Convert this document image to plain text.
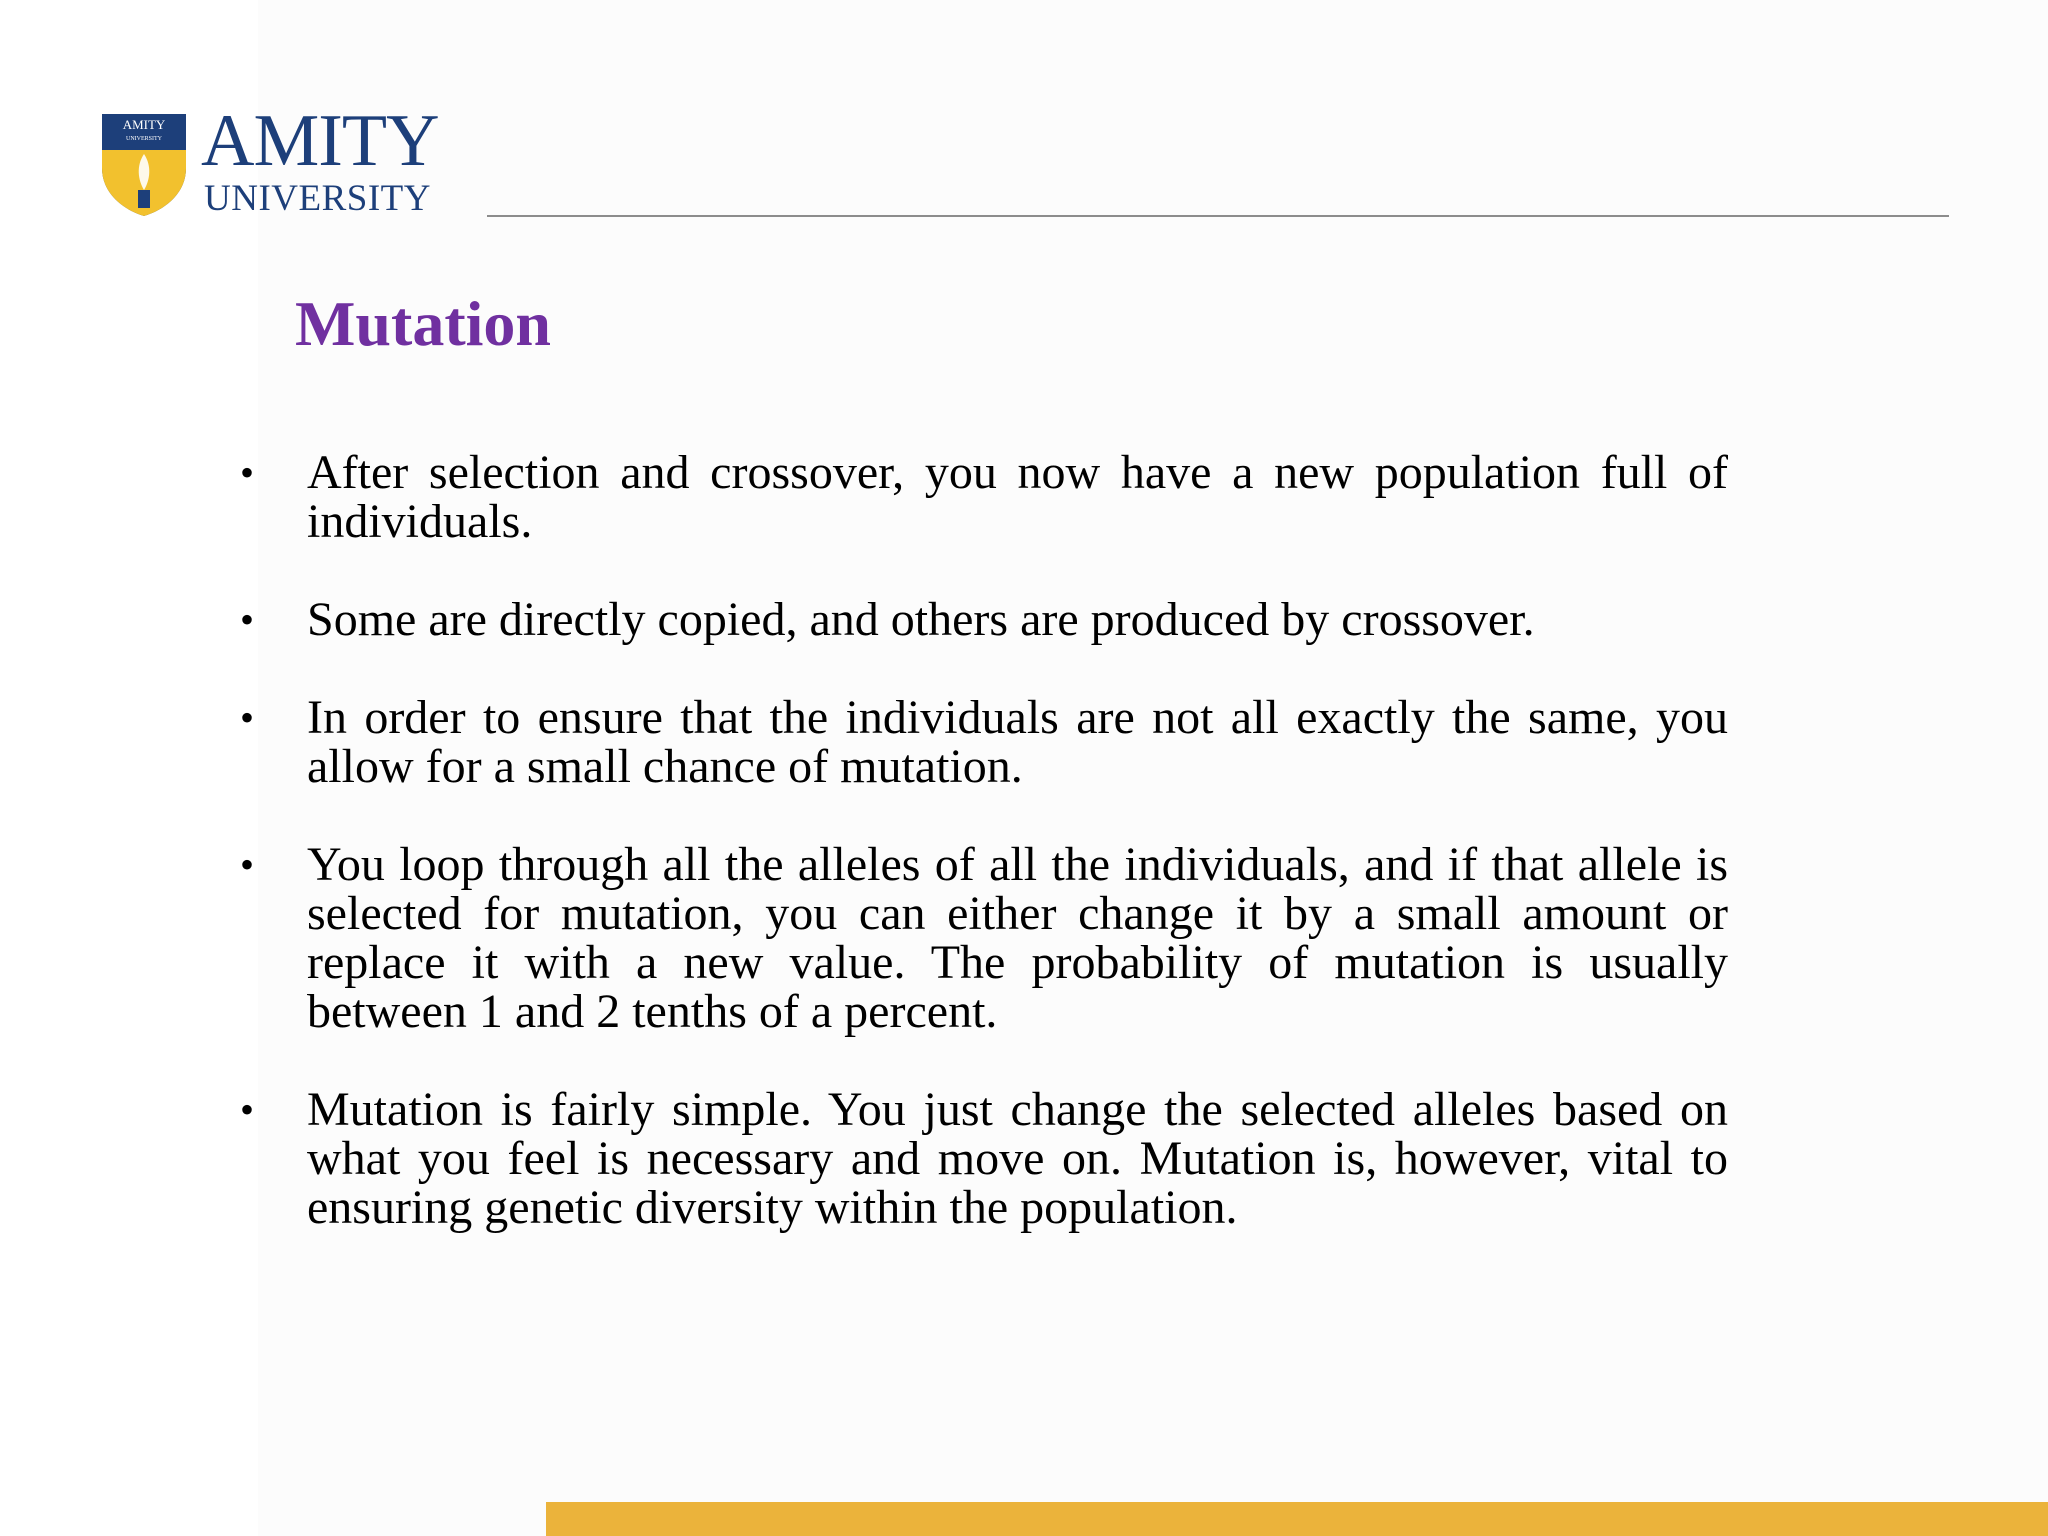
AMITY
UNIVERSITY AMITY
UNIVERSITY
Mutation
•	After selection and crossover, you now have a new population full of individuals.
•	Some are directly copied, and others are produced by crossover.
•	In order to ensure that the individuals are not all exactly the same, you allow for a small chance of mutation.
•	You loop through all the alleles of all the individuals, and if that allele is selected for mutation, you can either change it by a small amount or replace it with a new value. The probability of mutation is usually between 1 and 2 tenths of a percent.
•	Mutation is fairly simple. You just change the selected alleles based on what you feel is necessary and move on. Mutation is, however, vital to ensuring genetic diversity within the population.
